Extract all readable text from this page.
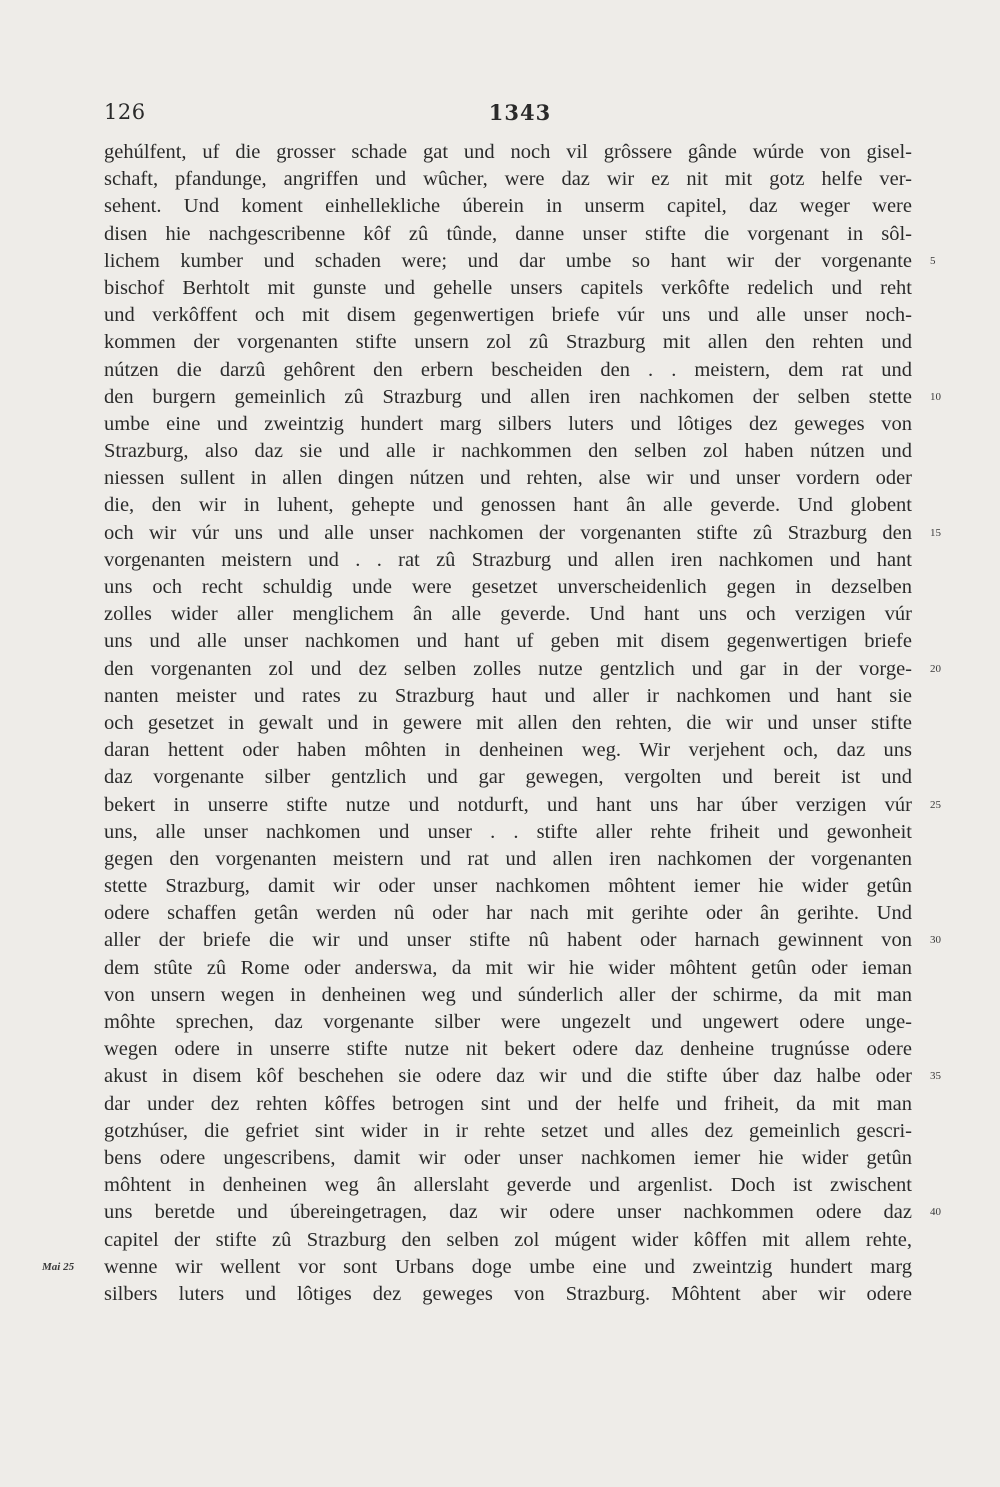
126	1343
gehúlfent, uf die grosser schade gat und noch vil grôssere gânde wúrde von gisel-
schaft, pfandunge, angriffen und wûcher, were daz wir ez nit mit gotz helfe ver-
sehent. Und koment einhellekliche úberein in unserm capitel, daz weger were
disen hie nachgescribenne kôf zû tûnde, danne unser stifte die vorgenant in sôl-
lichem kumber und schaden were; und dar umbe so hant wir der vorgenante 5
bischof Berhtolt mit gunste und gehelle unsers capitels verkôfte redelich und reht
und verkôffent och mit disem gegenwertigen briefe vúr uns und alle unser noch-
kommen der vorgenanten stifte unsern zol zû Strazburg mit allen den rehten und
nútzen die darzû gehôrent den erbern bescheiden den . . meistern, dem rat und
den burgern gemeinlich zû Strazburg und allen iren nachkomen der selben stette 10
umbe eine und zweintzig hundert marg silbers luters und lôtiges dez geweges von
Strazburg, also daz sie und alle ir nachkommen den selben zol haben nútzen und
niessen sullent in allen dingen nútzen und rehten, alse wir und unser vordern oder
die, den wir in luhent, gehepte und genossen hant ân alle geverde. Und globent
och wir vúr uns und alle unser nachkomen der vorgenanten stifte zû Strazburg den 15
vorgenanten meistern und . . rat zû Strazburg und allen iren nachkomen und hant
uns och recht schuldig unde were gesetzet unverscheidenlich gegen in dezselben
zolles wider aller menglichem ân alle geverde. Und hant uns och verzigen vúr
uns und alle unser nachkomen und hant uf geben mit disem gegenwertigen briefe
den vorgenanten zol und dez selben zolles nutze gentzlich und gar in der vorge- 20
nanten meister und rates zu Strazburg haut und aller ir nachkomen und hant sie
och gesetzet in gewalt und in gewere mit allen den rehten, die wir und unser stifte
daran hettent oder haben môhten in denheinen weg. Wir verjehent och, daz uns
daz vorgenante silber gentzlich und gar gewegen, vergolten und bereit ist und
bekert in unserre stifte nutze und notdurft, und hant uns har úber verzigen vúr 25
uns, alle unser nachkomen und unser . . stifte aller rehte friheit und gewonheit
gegen den vorgenanten meistern und rat und allen iren nachkomen der vorgenanten
stette Strazburg, damit wir oder unser nachkomen môhtent iemer hie wider getûn
odere schaffen getân werden nû oder har nach mit gerihte oder ân gerihte. Und
aller der briefe die wir und unser stifte nû habent oder harnach gewinnent von 30
dem stûte zû Rome oder anderswa, da mit wir hie wider môhtent getûn oder ieman
von unsern wegen in denheinen weg und súnderlich aller der schirme, da mit man
môhte sprechen, daz vorgenante silber were ungezelt und ungewert odere unge-
wegen odere in unserre stifte nutze nit bekert odere daz denheine trugnússe odere
akust in disem kôf beschehen sie odere daz wir und die stifte úber daz halbe oder 35
dar under dez rehten kôffes betrogen sint und der helfe und friheit, da mit man
gotzhúser, die gefriet sint wider in ir rehte setzet und alles dez gemeinlich gescri-
bens odere ungescribens, damit wir oder unser nachkomen iemer hie wider getûn
môhtent in denheinen weg ân allerslaht geverde und argenlist. Doch ist zwischent
uns beretde und úbereingetragen, daz wir odere unser nachkommen odere daz 40
capitel der stifte zû Strazburg den selben zol múgent wider kôffen mit allem rehte,
wenne wir wellent vor sont Urbans doge umbe eine und zweintzig hundert marg
Mai 25
silbers luters und lôtiges dez geweges von Strazburg. Môhtent aber wir odere
